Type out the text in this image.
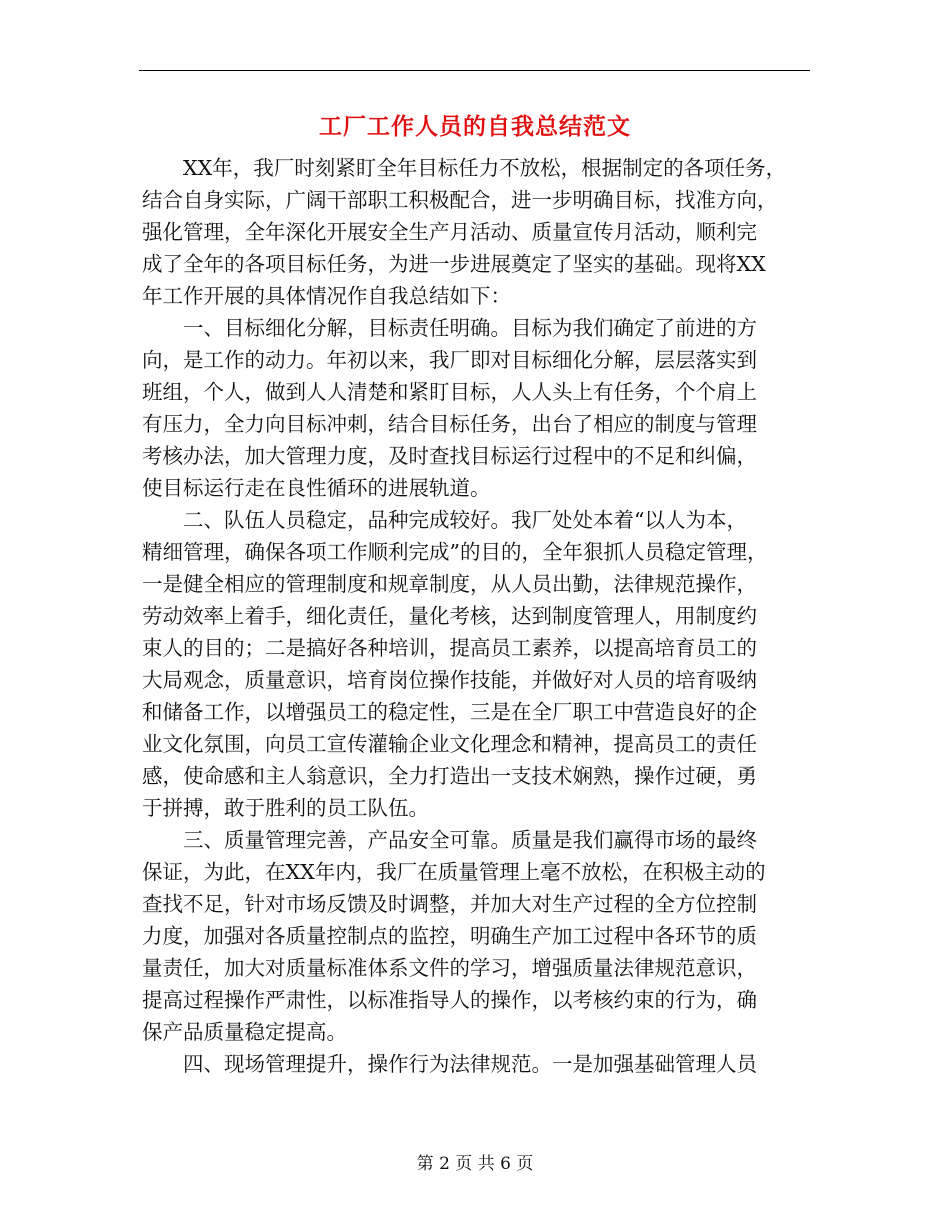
工厂工作人员的自我总结范文
　　XX年，我厂时刻紧盯全年目标任力不放松，根据制定的各项任务，
结合自身实际，广阔干部职工积极配合，进一步明确目标，找准方向，
强化管理，全年深化开展安全生产月活动、质量宣传月活动，顺利完
成了全年的各项目标任务，为进一步进展奠定了坚实的基础。现将XX
年工作开展的具体情况作自我总结如下：
　　一、目标细化分解，目标责任明确。目标为我们确定了前进的方
向，是工作的动力。年初以来，我厂即对目标细化分解，层层落实到
班组，个人，做到人人清楚和紧盯目标，人人头上有任务，个个肩上
有压力，全力向目标冲刺，结合目标任务，出台了相应的制度与管理
考核办法，加大管理力度，及时查找目标运行过程中的不足和纠偏，
使目标运行走在良性循环的进展轨道。
　　二、队伍人员稳定，品种完成较好。我厂处处本着“以人为本，
精细管理，确保各项工作顺利完成”的目的，全年狠抓人员稳定管理，
一是健全相应的管理制度和规章制度，从人员出勤，法律规范操作，
劳动效率上着手，细化责任，量化考核，达到制度管理人，用制度约
束人的目的；二是搞好各种培训，提高员工素养，以提高培育员工的
大局观念，质量意识，培育岗位操作技能，并做好对人员的培育吸纳
和储备工作，以增强员工的稳定性，三是在全厂职工中营造良好的企
业文化氛围，向员工宣传灌输企业文化理念和精神，提高员工的责任
感，使命感和主人翁意识，全力打造出一支技术娴熟，操作过硬，勇
于拼搏，敢于胜利的员工队伍。
　　三、质量管理完善，产品安全可靠。质量是我们赢得市场的最终
保证，为此，在XX年内，我厂在质量管理上毫不放松，在积极主动的
查找不足，针对市场反馈及时调整，并加大对生产过程的全方位控制
力度，加强对各质量控制点的监控，明确生产加工过程中各环节的质
量责任，加大对质量标准体系文件的学习，增强质量法律规范意识，
提高过程操作严肃性，以标准指导人的操作，以考核约束的行为，确
保产品质量稳定提高。
　　四、现场管理提升，操作行为法律规范。一是加强基础管理人员
第 2 页 共 6 页
